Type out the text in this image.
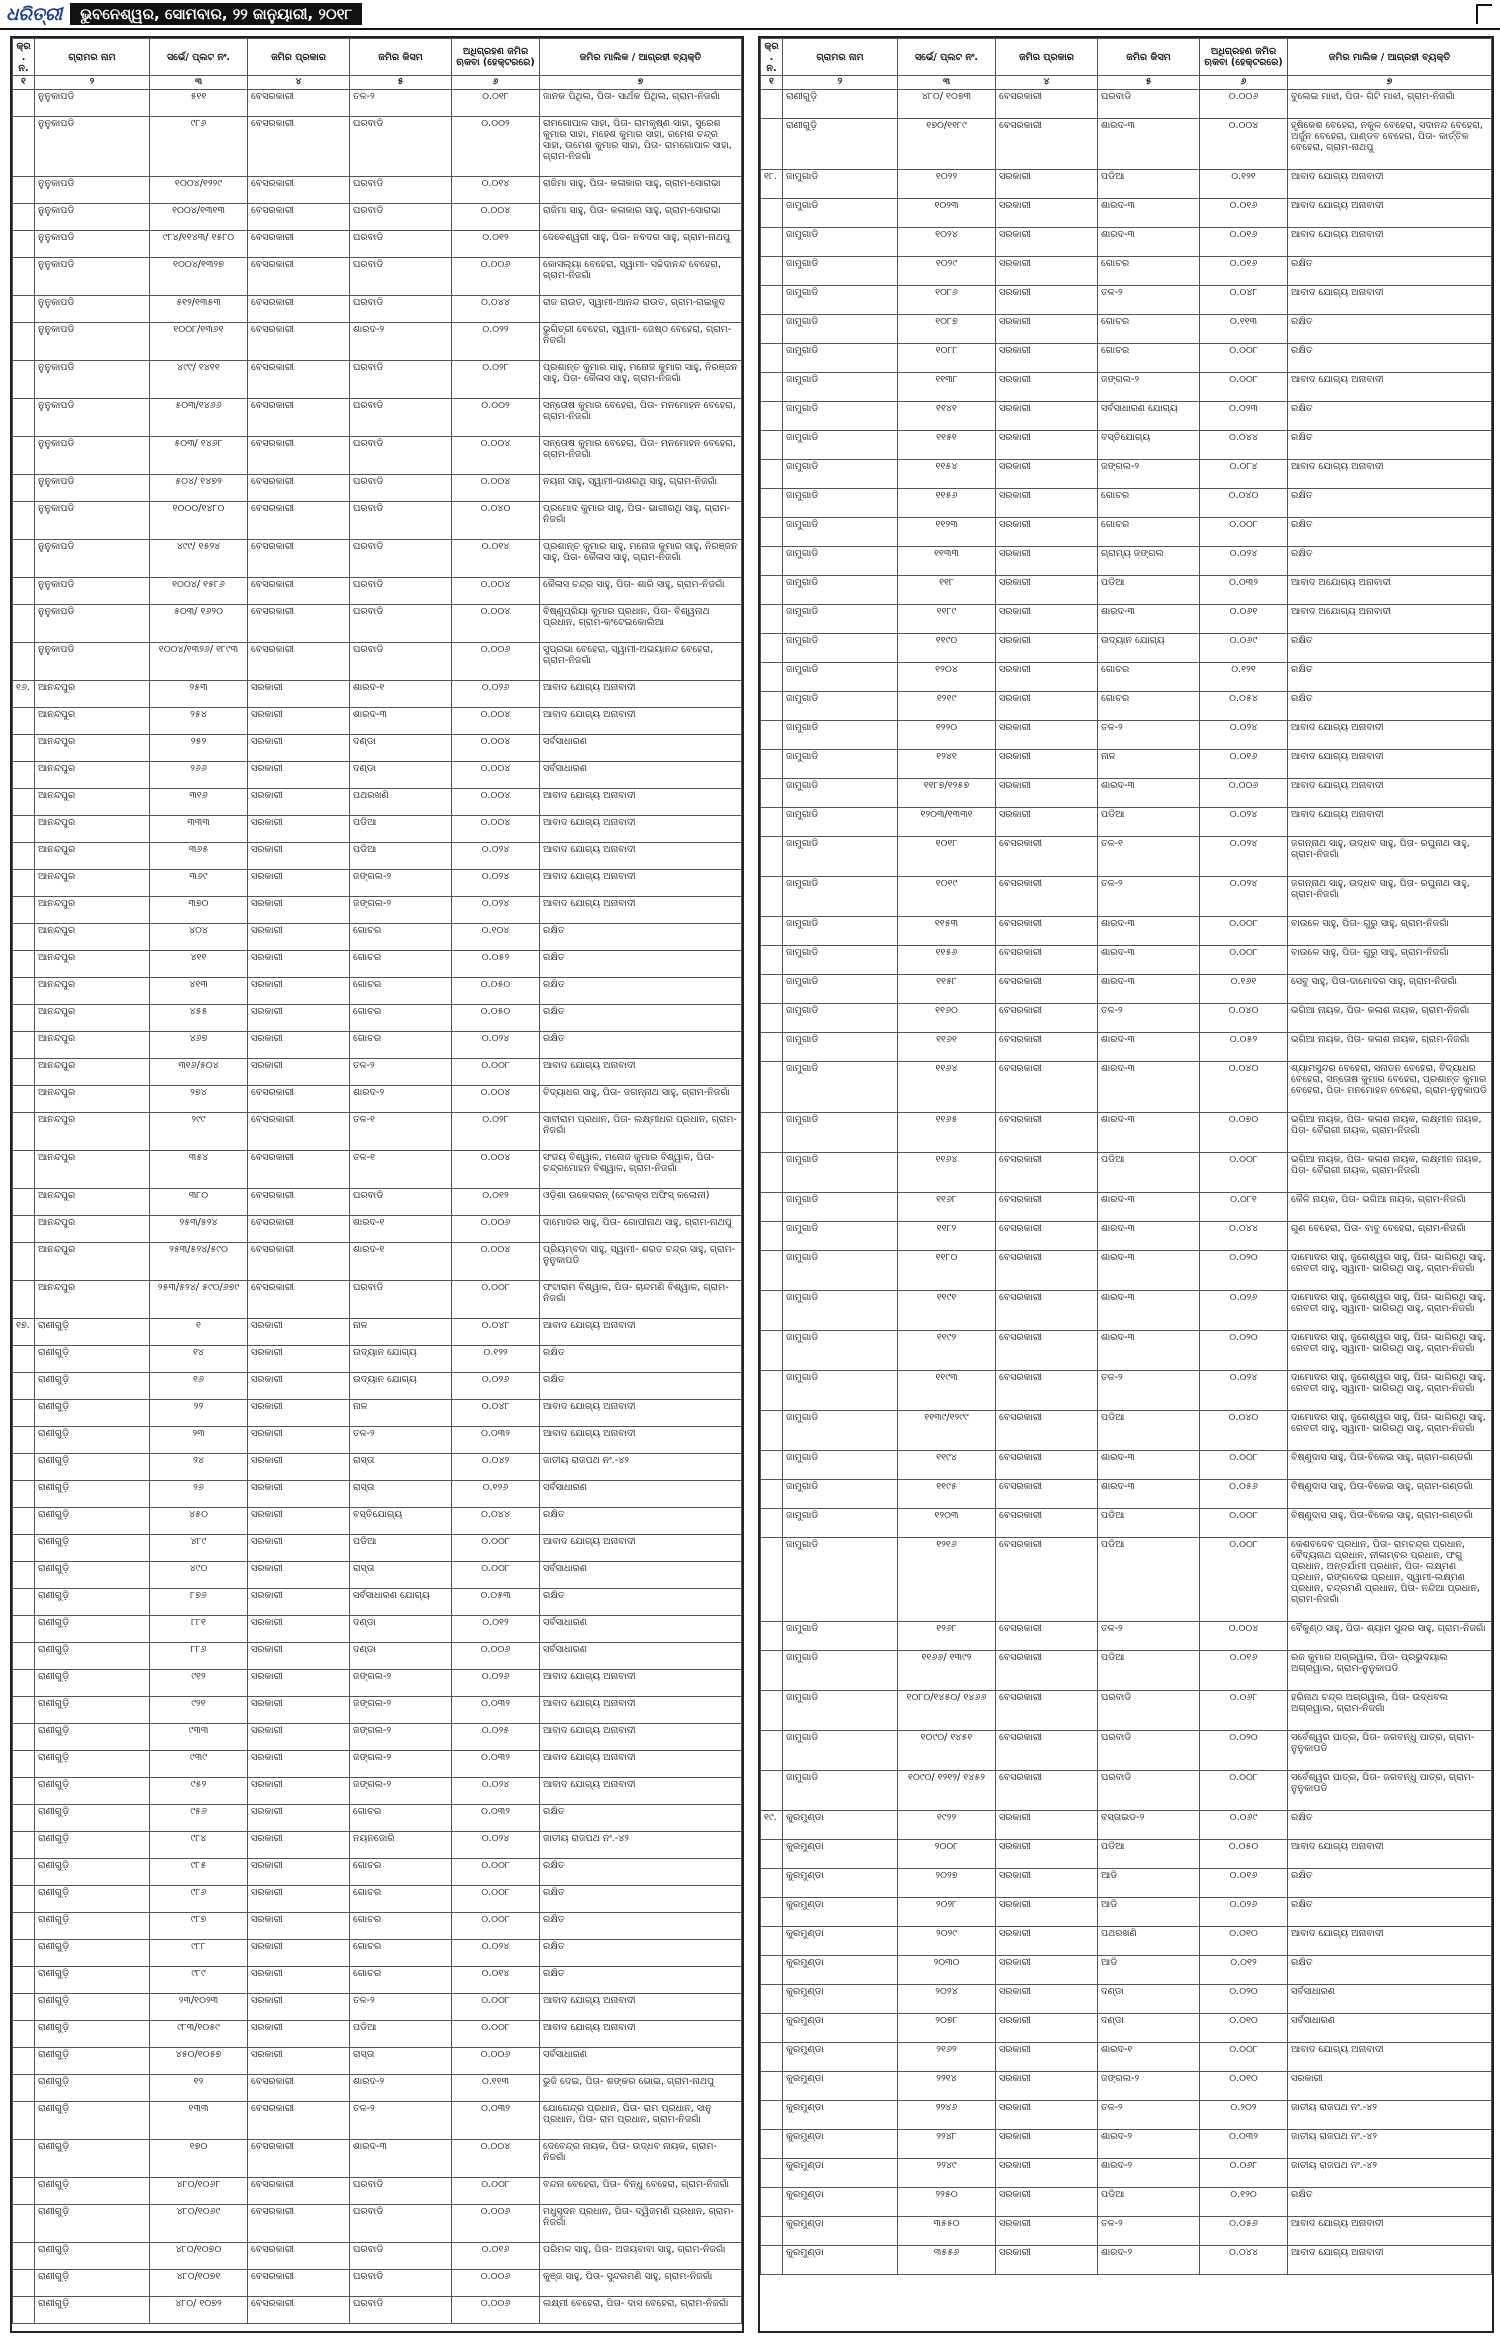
ଧରିତ୍ରୀ	ଭୁବନେଶ୍ୱର, ସୋମବାର, ୨୨ ଜାନୁୟାରୀ, ୨୦୧୮
କ୍ର. ନ.	ଗ୍ରାମର ନାମ	ସର୍ଭେ/ ପ୍ଲଟ ନଂ.	ଜମିର ପ୍ରକାର	ଜମିର କିସମ	ଅଧିଗ୍ରହଣ ଜମିର ଋକବା (ହେକ୍ଟରରେ)	ଜମିର ମାଲିକ / ଆଗ୍ରହୀ ବ୍ୟକ୍ତି
୧	୨	୩	୪	୫	୬	୭
	ନୁନୁକାପଡି	୫୧୧	ବେସରକାରୀ	ତଳ-୨	୦.୦୧୮	ଜାନକ ପିଥିଲ, ପିତା- ସାର୍ଥକ ପିଥିଲ, ଗ୍ରାମ-ନିଜଗାଁ
	ନୁନୁକାପଡି	୯୮୬	ବେସରକାରୀ	ଘରବାଡି	୦.୦୦୨	ରାମଗୋପାଳ ସାହା, ପିତା- ରାମକୃଷ୍ଣ ସାହା, ସୁରେଶ କୁମାର ସାହା, ମହେଶ କୁମାର ସାହା, ରମେଶ ଚନ୍ଦ୍ର ସାହା, ଉମେଶ କୁମାର ସାହା, ପିତା- ରାମଗୋପାଳ ସାହା, ଗ୍ରାମ-ନିଜଗାଁ
	ନୁନୁକାପଡି	୧୦୦୪/୧୨୨୯	ବେସରକାରୀ	ଘରବାଡି	୦.୦୧୪	ରାଜିମା ସାହୁ, ପିତା- କଳାକାର ସାହୁ, ଗ୍ରାମ-ସୋରାଭା
	ନୁନୁକାପଡି	୧୦୦୪/୧୩୧୩	ବେସରକାରୀ	ଘରବାଡି	୦.୦୦୪	ରାଜିମା ସାହୁ, ପିତା- କଳାକାର ସାହୁ, ଗ୍ରାମ-ସୋରାଭା
	ନୁନୁକାପଡି	୯୮୪/୧୧୪୩/ ୧୫୮୦	ବେସରକାରୀ	ଘରବାଡି	୦.୦୧୨	ଦେବେଶ୍ୱରୀ ସାହୁ, ପିତା- ନବଦର ସାହୁ, ଗ୍ରାମ-ନାଥପୁ
	ନୁନୁକାପଡି	୧୦୦୪/୧୩୨୭	ବେସରକାରୀ	ଘରବାଡି	୦.୦୦୬	କୋସଲ୍ୟା ବେହେରା, ସ୍ୱାମୀ- ସଚ୍ଚିଦାନନ୍ଦ ବେହେରା, ଗ୍ରାମ-ନିଜଗାଁ
	ନୁନୁକାପଡି	୫୧୨/୧୩୫୩	ବେସରକାରୀ	ଘରବାଡି	୦.୦୪୪	ରାଜ ରାଉତ, ସ୍ୱାମୀ-ଆନନ୍ଦ ରାଉତ, ଗ୍ରାମ-ରାଇକୁଦ
	ନୁନୁକାପଡି	୧୦୦୮/୧୩୬୧	ବେସରକାରୀ	ଶାରଦ-୨	୦.୦୨୨	ଭୁଗିତ୍ରୀ ବେହେରା, ସ୍ୱାମୀ- ଜେଷ୍ଠ ବେହେରା, ଗ୍ରାମ-ନିଜଗାଁ
	ନୁନୁକାପଡି	୪୯୯/ ୧୪୧୧	ବେସରକାରୀ	ଘରବାଡି	୦.୦୨୮	ପ୍ରଶାନ୍ତ କୁମାର ସାହୁ, ମନୋଜ କୁମାର ସାହୁ, ନିରଞ୍ଜନ ସାହୁ, ପିତା- କୈଳାସ ସାହୁ, ଗ୍ରାମ-ନିଜଗାଁ
	ନୁନୁକାପଡି	୫୦୩/୧୪୬୬	ବେସରକାରୀ	ଘରବାଡି	୦.୦୦୨	ସନ୍ତୋଷ କୁମାର ବେହେରା, ପିତା- ମନମୋହନ ବେହେରା, ଗ୍ରାମ-ନିଜଗାଁ
	ନୁନୁକାପଡି	୫୦୩/ ୧୪୬୮	ବେସରକାରୀ	ଘରବାଡି	୦.୦୦୪	ସନ୍ତୋଷ କୁମାର ବେହେରା, ପିତା- ମନମୋହନ ବେହେରା, ଗ୍ରାମ-ନିଜଗାଁ
	ନୁନୁକାପଡି	୫୦୪/ ୧୪୭୨	ବେସରକାରୀ	ଘରବାଡି	୦.୦୦୪	ନୟନା ସାହୁ, ସ୍ୱାମୀ-ଦାଶରଥି ସାହୁ, ଗ୍ରାମ-ନିଜଗାଁ
	ନୁନୁକାପଡି	୧୦୦୦/୧୪୮୦	ବେସରକାରୀ	ଘରବାଡି	୦.୦୪୦	ପ୍ରମୋଦ କୁମାର ସାହୁ, ପିତା- ଭାଗୀରଥି ସାହୁ, ଗ୍ରାମ-ନିଜଗାଁ
	ନୁନୁକାପଡି	୪୯୯/ ୧୫୨୪	ବେସରକାରୀ	ଘରବାଡି	୦.୦୧୪	ପ୍ରଶାନ୍ତ କୁମାର ସାହୁ, ମନୋଜ କୁମାର ସାହୁ, ନିରଞ୍ଜନ ସାହୁ, ପିତା- କୈଳାସ ସାହୁ, ଗ୍ରାମ-ନିଜଗାଁ
	ନୁନୁକାପଡି	୧୦୦୪/ ୧୫୮୬	ବେସରକାରୀ	ଘରବାଡି	୦.୦୦୪	କୈଳାସ ଚନ୍ଦ୍ର ସାହୁ, ପିତା- ଶାରି ସାହୁ, ଗ୍ରାମ-ନିଜଗାଁ
	ନୁନୁକାପଡି	୫୦୩/ ୧୬୨୦	ବେସରକାରୀ	ଘରବାଡି	୦.୦୦୪	ବିଷ୍ଣୁପ୍ରିୟା କୁମାର ପ୍ରଧାନ, ପିତା- ବିଶ୍ୱନାଥ ପ୍ରଧାନ, ଗ୍ରାମ-କଂଟେଇକୋଲିଆ
	ନୁନୁକାପଡି	୧୦୦୪/୧୩୨୬/ ୧୮୯୩	ବେସରକାରୀ	ଘରବାଡି	୦.୦୦୬	ସୁପ୍ରଭା ବେହେରା, ସ୍ୱାମୀ-ଅଭୟାନନ୍ଦ ବେହେରା, ଗ୍ରାମ-ନିଜଗାଁ
୧୬.	ଆନନ୍ଦପୁର	୨୫୩	ସରକାରୀ	ଶାରଦ-୧	୦.୦୨୬	ଆବାଦ ଯୋଗ୍ୟ ଅନାବାଦୀ
	ଆନନ୍ଦପୁର	୨୫୪	ସରକାରୀ	ଶାରଦ-୩	୦.୦୦୪	ଆବାଦ ଯୋଗ୍ୟ ଅନାବାଦୀ
	ଆନନ୍ଦପୁର	୨୫୨	ସରକାରୀ	ଦଣ୍ଡା	୦.୦୦୪	ସର୍ବସାଧାରଣ
	ଆନନ୍ଦପୁର	୨୬୬	ସରକାରୀ	ଦଣ୍ଡା	୦.୦୦୪	ସର୍ବସାଧାରଣ
	ଆନନ୍ଦପୁର	୩୧୬	ସରକାରୀ	ପଥରଖଣି	୦.୦୦୪	ଆବାଦ ଯୋଗ୍ୟ ଅନାବାଦୀ
	ଆନନ୍ଦପୁର	୩୩୩	ସରକାରୀ	ପଡିଆ	୦.୦୦୪	ଆବାଦ ଯୋଗ୍ୟ ଅନାବାଦୀ
	ଆନନ୍ଦପୁର	୩୬୫	ସରକାରୀ	ପଡିଆ	୦.୦୨୪	ଆବାଦ ଯୋଗ୍ୟ ଅନାବାଦୀ
	ଆନନ୍ଦପୁର	୩୬୯	ସରକାରୀ	ଜଙ୍ଗଲ-୨	୦.୦୨୪	ଆବାଦ ଯୋଗ୍ୟ ଅନାବାଦୀ
	ଆନନ୍ଦପୁର	୩୭୦	ସରକାରୀ	ଜଙ୍ଗଲ-୨	୦.୦୨୪	ଆବାଦ ଯୋଗ୍ୟ ଅନାବାଦୀ
	ଆନନ୍ଦପୁର	୪୦୪	ସରକାରୀ	ଗୋଚର	୦.୧୦୪	ରକ୍ଷିତ
	ଆନନ୍ଦପୁର	୪୧୧	ସରକାରୀ	ଗୋଚର	୦.୦୫୨	ରକ୍ଷିତ
	ଆନନ୍ଦପୁର	୪୧୩	ସରକାରୀ	ଗୋଚର	୦.୦୫୦	ରକ୍ଷିତ
	ଆନନ୍ଦପୁର	୪୫୫	ସରକାରୀ	ଗୋଚର	୦.୦୫୦	ରକ୍ଷିତ
	ଆନନ୍ଦପୁର	୪୬୭	ସରକାରୀ	ଗୋଚର	୦.୦୨୪	ରକ୍ଷିତ
	ଆନନ୍ଦପୁର	୩୧୬/୫୦୪	ସରକାରୀ	ତଳ-୨	୦.୦୦୮	ଆବାଦ ଯୋଗ୍ୟ ଅନାବାଦୀ
	ଆନନ୍ଦପୁର	୨୭୪	ବେସରକାରୀ	ଶାରଦ-୨	୦.୦୦୪	ବିଦ୍ୟାଧର ସାହୁ, ପିତା- ଜଗନ୍ନାଥ ସାହୁ, ଗ୍ରାମ-ନିଜଗାଁ
	ଆନନ୍ଦପୁର	୨୯୯	ବେସରକାରୀ	ତଳ-୧	୦.୦୨୮	ସାବୀରାମ ପ୍ରଧାନ, ପିତା- ଲକ୍ଷ୍ମୀଧର ପ୍ରଧାନ, ଗ୍ରାମ-ନିଜଗାଁ
	ଆନନ୍ଦପୁର	୩୫୪	ବେସରକାରୀ	ତଳ-୧	୦.୦୦୪	ସଂଜୟ ବିଶ୍ୱାଳ, ମନୋଜ କୁମାର ବିଶ୍ୱାଳ, ପିତା-ଚନ୍ଦ୍ରମୋହନ ବିଶ୍ୱାଳ, ଗ୍ରାମ-ନିଜଗାଁ
	ଆନନ୍ଦପୁର	୩୮୦	ବେସରକାରୀ	ଘରବାଡି	୦.୦୧୨	ଓଡ଼ିଶା ଉକେସରନ୍ (ଟେଲକ୍ସ ଅଫିସ୍ କଲୋନୀ)
	ଆନନ୍ଦପୁର	୨୫୩/୫୨୪	ବେସରକାରୀ	ଶାରଦ-୧	୦.୦୦୬	ଦାମୋଦର ସାହୁ, ପିତା- ଗୋପୀନାଥ ସାହୁ, ଗ୍ରାମ-ନାଥପୁ
	ଆନନ୍ଦପୁର	୨୫୩/୫୨୪/୫୯୦	ବେସରକାରୀ	ଶାରଦ-୧	୦.୦୦୪	ପ୍ରିୟମ୍ବଦା ସାହୁ, ସ୍ୱାମୀ- ଶରତ ଚନ୍ଦ୍ର ସାହୁ, ଗ୍ରାମ-ନୁନୁକାପଡି
	ଆନନ୍ଦପୁର	୨୫୩/୫୨୪/ ୫୯୦/୬୭୯	ବେସରକାରୀ	ଘରବାଡି	୦.୦୦୮	ଫଟାରାମ ବିଶ୍ୱାଳ, ପିତା- ଚାନ୍ଦମଣି ବିଶ୍ୱାଳ, ଗ୍ରାମ-ନିଜଗାଁ
୧୭.	ରାଣୀଗୁଡ଼ି	୧	ସରକାରୀ	ନାଳ	୦.୦୪୮	ଆବାଦ ଯୋଗ୍ୟ ଅନାବାଦୀ
	ରାଣୀଗୁଡ଼ି	୧୪	ସରକାରୀ	ଉଦ୍ୟାନ ଯୋଗ୍ୟ	୦.୧୨୨	ରକ୍ଷିତ
	ରାଣୀଗୁଡ଼ି	୧୬	ସରକାରୀ	ଉଦ୍ୟାନ ଯୋଗ୍ୟ	୦.୦୨୬	ରକ୍ଷିତ
	ରାଣୀଗୁଡ଼ି	୨୨	ସରକାରୀ	ନାଳ	୦.୦୪୮	ଆବାଦ ଯୋଗ୍ୟ ଅନାବାଦୀ
	ରାଣୀଗୁଡ଼ି	୨୩	ସରକାରୀ	ତଳ-୨	୦.୦୩୨	ଆବାଦ ଯୋଗ୍ୟ ଅନାବାଦୀ
	ରାଣୀଗୁଡ଼ି	୨୪	ସରକାରୀ	ରାସ୍ତା	୦.୦୪୨	ଜାତୀୟ ରାଜପଥ ନଂ.-୪୨
	ରାଣୀଗୁଡ଼ି	୨୬	ସରକାରୀ	ରାସ୍ତା	୦.୧୨୬	ସର୍ବସାଧାରଣ
	ରାଣୀଗୁଡ଼ି	୪୫୦	ସରକାରୀ	ବସ୍ତିଯୋଗ୍ୟ	୦.୦୪୪	ରକ୍ଷିତ
	ରାଣୀଗୁଡ଼ି	୪୮୯	ସରକାରୀ	ପଡିଆ	୦.୦୦୮	ଆବାଦ ଯୋଗ୍ୟ ଅନାବାଦୀ
	ରାଣୀଗୁଡ଼ି	୪୯୦	ସରକାରୀ	ରାସ୍ତା	୦.୦୦୮	ସର୍ବସାଧାରଣ
	ରାଣୀଗୁଡ଼ି	୮୭୬	ସରକାରୀ	ସର୍ବସାଧାରଣ ଯୋଗ୍ୟ	୦.୦୫୩	ରକ୍ଷିତ
	ରାଣୀଗୁଡ଼ି	୮୮୧	ସରକାରୀ	ଦଣ୍ଡା	୦.୦୧୨	ସର୍ବସାଧାରଣ
	ରାଣୀଗୁଡ଼ି	୮୮୬	ସରକାରୀ	ଦଣ୍ଡା	୦.୦୦୬	ସର୍ବସାଧାରଣ
	ରାଣୀଗୁଡ଼ି	୯୧୨	ସରକାରୀ	ଜଙ୍ଗଲ-୨	୦.୦୨୬	ଆବାଦ ଯୋଗ୍ୟ ଅନାବାଦୀ
	ରାଣୀଗୁଡ଼ି	୯୨୧	ସରକାରୀ	ଜଙ୍ଗଲ-୨	୦.୦୩୨	ଆବାଦ ଯୋଗ୍ୟ ଅନାବାଦୀ
	ରାଣୀଗୁଡ଼ି	୯୩୩	ସରକାରୀ	ଜଙ୍ଗଲ-୨	୦.୦୨୫	ଆବାଦ ଯୋଗ୍ୟ ଅନାବାଦୀ
	ରାଣୀଗୁଡ଼ି	୯୩୯	ସରକାରୀ	ଜଙ୍ଗଲ-୨	୦.୦୩୨	ଆବାଦ ଯୋଗ୍ୟ ଅନାବାଦୀ
	ରାଣୀଗୁଡ଼ି	୯୫୨	ସରକାରୀ	ଜଙ୍ଗଲ-୨	୦.୦୨୪	ଆବାଦ ଯୋଗ୍ୟ ଅନାବାଦୀ
	ରାଣୀଗୁଡ଼ି	୯୫୬	ସରକାରୀ	ଗୋଚର	୦.୦୩୨	ରକ୍ଷିତ
	ରାଣୀଗୁଡ଼ି	୯୮୪	ସରକାରୀ	ନୟନଜୋରି	୦.୦୨୪	ଜାତୀୟ ରାଜପଥ ନଂ.-୪୨
	ରାଣୀଗୁଡ଼ି	୯୮୫	ସରକାରୀ	ଗୋଚର	୦.୦୦୮	ରକ୍ଷିତ
	ରାଣୀଗୁଡ଼ି	୯୮୬	ସରକାରୀ	ଗୋଚର	୦.୦୦୮	ରକ୍ଷିତ
	ରାଣୀଗୁଡ଼ି	୯୮୭	ସରକାରୀ	ଗୋଚର	୦.୦୦୮	ରକ୍ଷିତ
	ରାଣୀଗୁଡ଼ି	୯୮୮	ସରକାରୀ	ଗୋଚର	୦.୦୨୪	ରକ୍ଷିତ
	ରାଣୀଗୁଡ଼ି	୯୮୯	ସରକାରୀ	ଗୋଚର	୦.୦୧୪	ରକ୍ଷିତ
	ରାଣୀଗୁଡ଼ି	୨୩/୧୦୨୩	ସରକାରୀ	ତଳ-୨	୦.୦୦୮	ଆବାଦ ଯୋଗ୍ୟ ଅନାବାଦୀ
	ରାଣୀଗୁଡ଼ି	୯୮୩/୧୦୫୯	ସରକାରୀ	ପଡିଆ	୦.୦୦୮	ଆବାଦ ଯୋଗ୍ୟ ଅନାବାଦୀ
	ରାଣୀଗୁଡ଼ି	୪୫୦/୧୦୫୭	ସରକାରୀ	ରାସ୍ତା	୦.୦୦୬	ସର୍ବସାଧାରଣ
	ରାଣୀଗୁଡ଼ି	୧୨	ବେସରକାରୀ	ଶାରଦ-୨	୦.୧୧୩	ଭୁଜି ଦେଇ, ପିତା- ଶଙ୍କର ଭୋଇ, ଗ୍ରାମ-ନାଥପୁ
	ରାଣୀଗୁଡ଼ି	୧୩୩	ବେସରକାରୀ	ତଳ-୨	୦.୦୩୨	ଯୋଗେନ୍ଦ୍ର ପ୍ରଧାନ, ପିତା- ରାମ ପ୍ରଧାନ, ସାନୁ ପ୍ରଧାନ, ପିତା- ରାମ ପ୍ରଧାନ, ଗ୍ରାମ-ନିଜଗାଁ
	ରାଣୀଗୁଡ଼ି	୧୭୦	ବେସରକାରୀ	ଶାରଦ-୩	୦.୦୦୪	ଦେବେନ୍ଦ୍ର ନାୟକ, ପିତା- ଉଦ୍ଧବ ନାୟକ, ଗ୍ରାମ-ନିଜଗାଁ
	ରାଣୀଗୁଡ଼ି	୪୮୦/୧୦୬୮	ବେସରକାରୀ	ଘରବାଡି	୦.୦୦୮	ବନ୍ଦନା ବେହେରା, ପିତା- ବିନ୍ଧୁ ବେହେରା, ଗ୍ରାମ-ନିଜଗାଁ
	ରାଣୀଗୁଡ଼ି	୪୮୦/୧୦୬୯	ବେସରକାରୀ	ଘରବାଡି	୦.୦୦୬	ମଧୁସୂଦନ ପ୍ରଧାନ, ପିତା- ଦ୍ୱିଜମଣି ପ୍ରଧାନ, ଗ୍ରାମ-ନିଜଗାଁ
	ରାଣୀଗୁଡ଼ି	୪୮୦/୧୦୭୦	ବେସରକାରୀ	ଘରବାଡି	୦.୦୧୬	ପରିମଳ ସାହୁ, ପିତା- ଅଜୟବାବା ସାହୁ, ଗ୍ରାମ-ନିଜଗାଁ
	ରାଣୀଗୁଡ଼ି	୪୮୦/୧୦୭୧	ବେସରକାରୀ	ଘରବାଡି	୦.୦୦୬	କୁଞ୍ଜ ସାହୁ, ପିତା- ସୁନ୍ଦରମଣି ସାହୁ, ଗ୍ରାମ-ନିଜଗାଁ
	ରାଣୀଗୁଡ଼ି	୪୮୦/ ୧୦୭୨	ବେସରକାରୀ	ଘରବାଡି	୦.୦୦୬	ଲକ୍ଷ୍ମୀ ବେହେରା, ପିତା- ଦାସ ବେହେରା, ଗ୍ରାମ-ନିଜଗାଁ
କ୍ର. ନ.	ଗ୍ରାମର ନାମ	ସର୍ଭେ/ ପ୍ଲଟ ନଂ.	ଜମିର ପ୍ରକାର	ଜମିର କିସମ	ଅଧିଗ୍ରହଣ ଜମିର ଋକବା (ହେକ୍ଟରରେ)	ଜମିର ମାଲିକ / ଆଗ୍ରହୀ ବ୍ୟକ୍ତି
୧	୨	୩	୪	୫	୬	୭
	ରାଣୀଗୁଡ଼ି	୪୮୦/ ୧୦୭୩	ବେସରକାରୀ	ଘରବାଡି	୦.୦୦୬	ବୁଲେଇ ମାଝୀ, ପିତା- ଗିଟି ମାଝୀ, ଗ୍ରାମ-ନିଜଗାଁ
	ରାଣୀଗୁଡ଼ି	୧୭୦/୧୧୮୯	ବେସରକାରୀ	ଶାରଦ-୩	୦.୦୦୪	ହୃଷିକେଶ ବେହେରା, ନକୁଳ ବେହେରା, ସଦାନନ୍ଦ ବେହେରା, ଅର୍ଜୁନ ବେହେରା, ପାଣ୍ଡବ ବେହେରା, ପିତା- କାର୍ତ୍ତିକ ବେହେରା, ଗ୍ରାମ-ନାଥପୁ
୧୮.	ଜାମୁଗାଡି	୧୦୨୨	ସରକାରୀ	ପଡିଆ	୦.୧୨୧	ଆବାଦ ଯୋଗ୍ୟ ଅନାବାଦୀ
	ଜାମୁଗାଡି	୧୦୨୩	ସରକାରୀ	ଶାରଦ-୩	୦.୦୧୬	ଆବାଦ ଯୋଗ୍ୟ ଅନାବାଦୀ
	ଜାମୁଗାଡି	୧୦୨୪	ସରକାରୀ	ଶାରଦ-୩	୦.୦୧୬	ଆବାଦ ଯୋଗ୍ୟ ଅନାବାଦୀ
	ଜାମୁଗାଡି	୧୦୨୯	ସରକାରୀ	ଗୋଚର	୦.୦୧୬	ରକ୍ଷିତ
	ଜାମୁଗାଡି	୧୦୮୬	ସରକାରୀ	ତଳ-୨	୦.୦୪୮	ଆବାଦ ଯୋଗ୍ୟ ଅନାବାଦୀ
	ଜାମୁଗାଡି	୧୦୮୭	ସରକାରୀ	ଗୋଚର	୦.୧୧୩	ରକ୍ଷିତ
	ଜାମୁଗାଡି	୧୦୮୮	ସରକାରୀ	ଗୋଚର	୦.୦୦୮	ରକ୍ଷିତ
	ଜାମୁଗାଡି	୧୧୩୮	ସରକାରୀ	ଜଙ୍ଗଲ-୨	୦.୦୦୮	ଆବାଦ ଯୋଗ୍ୟ ଅନାବାଦୀ
	ଜାମୁଗାଡି	୧୧୪୧	ସରକାରୀ	ସର୍ବସାଧାରଣ ଯୋଗ୍ୟ	୦.୦୨୩	ରକ୍ଷିତ
	ଜାମୁଗାଡି	୧୧୫୧	ସରକାରୀ	ବସ୍ତିଯୋଗ୍ୟ	୦.୦୪୪	ରକ୍ଷିତ
	ଜାମୁଗାଡି	୧୧୫୪	ସରକାରୀ	ଜଙ୍ଗଲ-୨	୦.୦୮୪	ଆବାଦ ଯୋଗ୍ୟ ଅନାବାଦୀ
	ଜାମୁଗାଡି	୧୧୫୬	ସରକାରୀ	ଗୋଚର	୦.୦୪୦	ରକ୍ଷିତ
	ଜାମୁଗାଡି	୧୧୨୩	ସରକାରୀ	ଗୋଚର	୦.୦୦୮	ରକ୍ଷିତ
	ଜାମୁଗାଡି	୧୧୩୩	ସରକାରୀ	ଗ୍ରାମ୍ୟ ଜଙ୍ଗଲ	୦.୦୨୪	ରକ୍ଷିତ
	ଜାମୁଗାଡି	୧୧୮	ସରକାରୀ	ପଡିଆ	୦.୦୩୨	ଆବାଦ ଅଯୋଗ୍ୟ ଅନାବାଦୀ
	ଜାମୁଗାଡି	୧୧୮୯	ସରକାରୀ	ଶାରଦ-୩	୦.୦୬୧	ଆବାଦ ଅଯୋଗ୍ୟ ଅନାବାଦୀ
	ଜାମୁଗାଡି	୧୧୯୦	ସରକାରୀ	ଉଦ୍ୟାନ ଯୋଗ୍ୟ	୦.୦୬୯	ରକ୍ଷିତ
	ଜାମୁଗାଡି	୧୨୦୪	ସରକାରୀ	ଗୋଚର	୦.୧୨୧	ରକ୍ଷିତ
	ଜାମୁଗାଡି	୧୨୧୯	ସରକାରୀ	ଗୋଚର	୦.୦୫୪	ରକ୍ଷିତ
	ଜାମୁଗାଡି	୧୨୨୦	ସରକାରୀ	ତଳ-୨	୦.୦୨୪	ଆବାଦ ଯୋଗ୍ୟ ଅନାବାଦୀ
	ଜାମୁଗାଡି	୧୨୪୧	ସରକାରୀ	ନାଳ	୦.୦୧୬	ଆବାଦ ଯୋଗ୍ୟ ଅନାବାଦୀ
	ଜାମୁଗାଡି	୧୧୮୭/୧୨୫୭	ସରକାରୀ	ଶାରଦ-୩	୦.୦୦୬	ଆବାଦ ଯୋଗ୍ୟ ଅନାବାଦୀ
	ଜାମୁଗାଡି	୧୨୦୩/୧୩୩୧	ସରକାରୀ	ପଡିଆ	୦.୦୨୪	ଆବାଦ ଯୋଗ୍ୟ ଅନାବାଦୀ
	ଜାମୁଗାଡି	୧୦୧୮	ବେସରକାରୀ	ତଳ-୧	୦.୦୨୪	ଜଗନ୍ନାଥ ସାହୁ, ଉଦ୍ଧବ ସାହୁ, ପିତା- ରଘୁନାଥ ସାହୁ, ଗ୍ରାମ-ନିଜଗାଁ
	ଜାମୁଗାଡି	୧୦୧୯	ବେସରକାରୀ	ତଳ-୨	୦.୦୨୪	ଜଗନ୍ନାଥ ସାହୁ, ଉଦ୍ଧବ ସାହୁ, ପିତା- ରଘୁନାଥ ସାହୁ, ଗ୍ରାମ-ନିଜଗାଁ
	ଜାମୁଗାଡି	୧୧୫୩	ବେସରକାରୀ	ଶାରଦ-୩	୦.୦୦୮	ବାଉଳେ ସାହୁ, ପିତା- ଗୁରୁ ସାହୁ, ଗ୍ରାମ-ନିଜଗାଁ
	ଜାମୁଗାଡି	୧୧୫୬	ବେସରକାରୀ	ଶାରଦ-୩	୦.୦୦୮	ବାଉଳେ ସାହୁ, ପିତା- ଗୁରୁ ସାହୁ, ଗ୍ରାମ-ନିଜଗାଁ
	ଜାମୁଗାଡି	୧୧୫୮	ବେସରକାରୀ	ଶାରଦ-୩	୦.୧୬୧	ସେବୁ ସାହୁ, ପିତା-ଦାମୋଦର ସାହୁ, ଗ୍ରାମ-ନିଜଗାଁ
	ଜାମୁଗାଡି	୧୧୬୦	ବେସରକାରୀ	ତଳ-୨	୦.୦୪୦	ଭଗିଆ ନାୟକ, ପିତା- କଳାଶ ନାୟକ, ଗ୍ରାମ-ନିଜଗାଁ
	ଜାମୁଗାଡି	୧୧୬୧	ବେସରକାରୀ	ଶାରଦ-୩	୦.୦୫୨	ଭଗିଆ ନାୟକ, ପିତା- କଳାଶ ନାୟକ, ଗ୍ରାମ-ନିଜଗାଁ
	ଜାମୁଗାଡି	୧୧୬୪	ବେସରକାରୀ	ଶାରଦ-୩	୦.୦୪୦	ଶ୍ୟାମସୁନ୍ଦର ବେହେରା, ସନାତନ ବେହେରା, ବିଦ୍ୟାଧର ବେହେରା, ସନ୍ତୋଷ କୁମାର ବେହେରା, ପ୍ରଶାନ୍ତ କୁମାର ବେହେରା, ପିତା- ମନମୋହନ ବେହେରା, ଗ୍ରାମ-ନୁନୁକାପଡି
	ଜାମୁଗାଡି	୧୧୬୫	ବେସରକାରୀ	ଶାରଦ-୩	୦.୦୭୦	ଭଗିଆ ନାୟକ, ପିତା- କଳାଶ ନାୟକ, ଲକ୍ଷ୍ମୀନ ନାୟକ, ପିତା- ବୈରାଗୀ ନାୟକ, ଗ୍ରାମ-ନିଜଗାଁ
	ଜାମୁଗାଡି	୧୧୬୪	ବେସରକାରୀ	ପଡିଆ	୦.୦୦୮	ଭଗିଆ ନାୟକ, ପିତା- କଳାଶ ନାୟକ, ଲକ୍ଷ୍ମୀନ ନାୟକ, ପିତା- ବୈରାଗୀ ନାୟକ, ଗ୍ରାମ-ନିଜଗାଁ
	ଜାମୁଗାଡି	୧୧୬୮	ବେସରକାରୀ	ଶାରଦ-୩	୦.୦୮୧	କୈଳି ନାୟକ, ପିତା- ଭଗିଆ ନାୟକ, ଗ୍ରାମ-ନିଜଗାଁ
	ଜାମୁଗାଡି	୧୧୮୨	ବେସରକାରୀ	ଶାରଦ-୩	୦.୦୪୪	ଗୁଣ ବେହେରା, ପିତା- ବାବୁ ବେହେରା, ଗ୍ରାମ-ନିଜଗାଁ
	ଜାମୁଗାଡି	୧୧୮୦	ବେସରକାରୀ	ଶାରଦ-୩	୦.୦୨୦	ଦାମୋଦର ସାହୁ, ଜୁଗେଶ୍ୱର ସାହୁ, ପିତା- ଭାଗିରଥି ସାହୁ, ରେବତୀ ସାହୁ, ସ୍ୱାମୀ- ଭାଗିରଥି ସାହୁ, ଗ୍ରାମ-ନିଜଗାଁ
	ଜାମୁଗାଡି	୧୧୯୧	ବେସରକାରୀ	ଶାରଦ-୩	୦.୦୨୬	ଦାମୋଦର ସାହୁ, ଜୁଗେଶ୍ୱର ସାହୁ, ପିତା- ଭାଗିରଥି ସାହୁ, ରେବତୀ ସାହୁ, ସ୍ୱାମୀ- ଭାଗିରଥି ସାହୁ, ଗ୍ରାମ-ନିଜଗାଁ
	ଜାମୁଗାଡି	୧୧୯୨	ବେସରକାରୀ	ଶାରଦ-୩	୦.୦୨୦	ଦାମୋଦର ସାହୁ, ଜୁଗେଶ୍ୱର ସାହୁ, ପିତା- ଭାଗିରଥି ସାହୁ, ରେବତୀ ସାହୁ, ସ୍ୱାମୀ- ଭାଗିରଥି ସାହୁ, ଗ୍ରାମ-ନିଜଗାଁ
	ଜାମୁଗାଡି	୧୧୯୩	ବେସରକାରୀ	ତଳ-୨	୦.୦୨୪	ଦାମୋଦର ସାହୁ, ଜୁଗେଶ୍ୱର ସାହୁ, ପିତା- ଭାଗିରଥି ସାହୁ, ରେବତୀ ସାହୁ, ସ୍ୱାମୀ- ଭାଗିରଥି ସାହୁ, ଗ୍ରାମ-ନିଜଗାଁ
	ଜାମୁଗାଡି	୧୧୩୯/୧୨୯୯	ବେସରକାରୀ	ପଡିଆ	୦.୦୪୦	ଦାମୋଦର ସାହୁ, ଜୁଗେଶ୍ୱର ସାହୁ, ପିତା- ଭାଗିରଥି ସାହୁ, ରେବତୀ ସାହୁ, ସ୍ୱାମୀ- ଭାଗିରଥି ସାହୁ, ଗ୍ରାମ-ନିଜଗାଁ
	ଜାମୁଗାଡି	୧୧୯୪	ବେସରକାରୀ	ଶାରଦ-୩	୦.୦୦୮	ବିଷ୍ଣୁଦାସ ସାହୁ, ପିତା-ବିକେଇ ସାହୁ, ଗ୍ରାମ-ଗଣ୍ଡଗାଁ
	ଜାମୁଗାଡି	୧୧୯୫	ବେସରକାରୀ	ଶାରଦ-୩	୦.୦୫୬	ବିଷ୍ଣୁଦାସ ସାହୁ, ପିତା-ବିକେଇ ସାହୁ, ଗ୍ରାମ-ଗଣ୍ଡଗାଁ
	ଜାମୁଗାଡି	୧୨୦୩	ବେସରକାରୀ	ପଡିଆ	୦.୦୦୮	ବିଷ୍ଣୁଦାସ ସାହୁ, ପିତା-ବିକେଇ ସାହୁ, ଗ୍ରାମ-ଗଣ୍ଡଗାଁ
	ଜାମୁଗାଡି	୧୨୧୬	ବେସରକାରୀ	ପଡିଆ	୦.୦୦୮	କେଶବଦେବ ପ୍ରଧାନ, ପିତା- ରାମଚନ୍ଦ୍ର ପ୍ରଧାନ, ବୈଦ୍ୟନାଥ ପ୍ରଧାନ, ନୀଳାମ୍ବର ପ୍ରଧାନ, ଫଗୁ ପ୍ରଧାନ, ଅନ୍ତର୍ଯାମୀ ପ୍ରଧାନ, ପିତା- ଲକ୍ଷ୍ମଣ ପ୍ରଧାନ, ରଙ୍ଗଦେଇ ପ୍ରଧାନ, ସ୍ୱାମୀ-ଲକ୍ଷ୍ମଣ ପ୍ରଧାନ, ଚନ୍ଦ୍ରମଣି ପ୍ରଧାନ, ପିତା- ନନ୍ଦିଆ ପ୍ରଧାନ, ଗ୍ରାମ-ନିଜଗାଁ
	ଜାମୁଗାଡି	୧୨୬୮	ବେସରକାରୀ	ତଳ-୨	୦.୦୦୪	ବୈକୁଣ୍ଠ ସାହୁ, ପିତା- ଶ୍ୟାମ ସୁନ୍ଦର ସାହୁ, ଗ୍ରାମ-ନିଜଗାଁ
	ଜାମୁଗାଡି	୧୧୬୬/ ୧୩୯୨	ବେସରକାରୀ	ପଡିଆ	୦.୦୧୬	ରଜ କୁମାର ଅଗ୍ରୱାଲ, ପିତା- ପ୍ରଭୁଦୟାଲ ଅଗ୍ରୱାଲ, ଗ୍ରାମ-ନୁନୁକାପଡି
	ଜାମୁଗାଡି	୧୦୮୦/୧୪୫୦/ ୧୪୬୬	ବେସରକାରୀ	ଘରବାଡି	୦.୦୬୮	ହରିନାଥ ଚନ୍ଦ୍ର ଅଗ୍ରୱାଲ, ପିତା- ଉଦ୍ଧବଲ ଅଗ୍ରୱାଲ, ଗ୍ରାମ-ନିଜଗାଁ
	ଜାମୁଗାଡି	୧୦୯୦/ ୧୪୫୧	ବେସରକାରୀ	ଘରବାଡି	୦.୦୨୦	ସର୍ବେଶ୍ୱର ପାତ୍ର, ପିତା- ଜଗବନ୍ଧୁ ପାତ୍ର, ଗ୍ରାମ-ନୁନୁକାପଡି
	ଜାମୁଗାଡି	୧୦୯୦/ ୧୨୧୨/ ୧୪୫୨	ବେସରକାରୀ	ଘରବାଡି	୦.୦୦୮	ସର୍ବେଶ୍ୱର ପାତ୍ର, ପିତା- ଜଗବନ୍ଧୁ ପାତ୍ର, ଗ୍ରାମ-ନୁନୁକାପଡି
୧୯.	କୁରମୁଣ୍ଡା	୧୯୨୨	ସରକାରୀ	ବସ୍ତାଇଡ-୨	୦.୦୬୯	ରକ୍ଷିତ
	କୁରମୁଣ୍ଡା	୨୦୦୮	ସରକାରୀ	ପଡିଆ	୦.୦୫୦	ଆବାଦ ଯୋଗ୍ୟ ଅନାବାଦୀ
	କୁରମୁଣ୍ଡା	୨୦୨୭	ସରକାରୀ	ଆଡି	୦.୦୧୬	ରକ୍ଷିତ
	କୁରମୁଣ୍ଡା	୨୦୨୮	ସରକାରୀ	ଆଡି	୦.୦୨୬	ରକ୍ଷିତ
	କୁରମୁଣ୍ଡା	୨୦୨୯	ସରକାରୀ	ପଥରଖଣି	୦.୦୧୦	ଆବାଦ ଯୋଗ୍ୟ ଅନାବାଦୀ
	କୁରମୁଣ୍ଡା	୨୦୩୦	ସରକାରୀ	ଆଡି	୦.୦୧୨	ରକ୍ଷିତ
	କୁରମୁଣ୍ଡା	୨୦୨୪	ସରକାରୀ	ଦଣ୍ଡା	୦.୦୨୦	ସର୍ବସାଧାରଣ
	କୁରମୁଣ୍ଡା	୨୦୭୮	ସରକାରୀ	ଦଣ୍ଡା	୦.୦୧୦	ସର୍ବସାଧାରଣ
	କୁରମୁଣ୍ଡା	୨୧୬୨	ସରକାରୀ	ଶାରଦ-୧	୦.୦୦୮	ଆବାଦ ଯୋଗ୍ୟ ଅନାବାଦୀ
	କୁରମୁଣ୍ଡା	୨୨୧୪	ସରକାରୀ	ଜଙ୍ଗଲ-୨	୦.୦୧୦	ସରକାରୀ
	କୁରମୁଣ୍ଡା	୨୨୪୬	ସରକାରୀ	ତଳ-୨	୦.୨୦୨	ଜାତୀୟ ରାଜପଥ ନଂ.-୪୨
	କୁରମୁଣ୍ଡା	୨୨୪୮	ସରକାରୀ	ଶାରଦ-୨	୦.୦୩୨	ଜାତୀୟ ରାଜପଥ ନଂ.-୪୨
	କୁରମୁଣ୍ଡା	୨୨୪୯	ସରକାରୀ	ଶାରଦ-୨	୦.୦୬୮	ଜାତୀୟ ରାଜପଥ ନଂ.-୪୨
	କୁରମୁଣ୍ଡା	୨୨୫୦	ସରକାରୀ	ପଡିଆ	୦.୧୨୦	ରକ୍ଷିତ
	କୁରମୁଣ୍ଡା	୩୫୫୦	ସରକାରୀ	ତଳ-୨	୦.୦୫୬	ଆବାଦ ଯୋଗ୍ୟ ଅନାବାଦୀ
	କୁରମୁଣ୍ଡା	୩୫୫୬	ସରକାରୀ	ଶାରଦ-୨	୦.୦୪୪	ଆବାଦ ଯୋଗ୍ୟ ଅନାବାଦୀ
